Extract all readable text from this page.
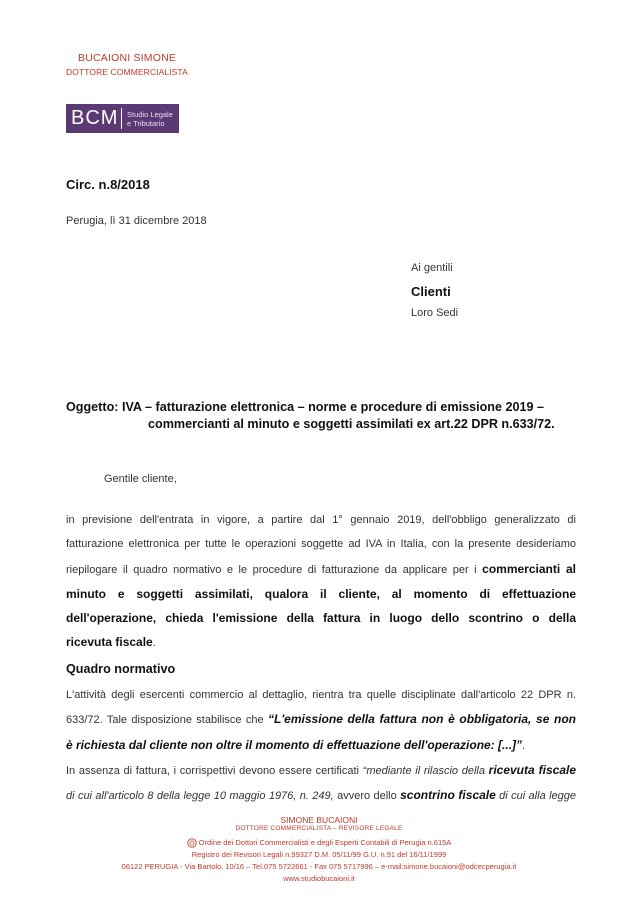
BUCAIONI SIMONE
DOTTORE COMMERCIALISTA
BCM	Studio Legale
e Tributario
Circ. n.8/2018
Perugia, lì 31 dicembre 2018
Ai gentili
Clienti
Loro Sedi
Oggetto: IVA – fatturazione elettronica – norme e procedure di emissione 2019 –
commercianti al minuto e soggetti assimilati ex art.22 DPR n.633/72.
Gentile cliente,
in previsione dell'entrata in vigore, a partire dal 1° gennaio 2019, dell'obbligo generalizzato di
fatturazione elettronica per tutte le operazioni soggette ad IVA in Italia, con la presente desideriamo
riepilogare il quadro normativo e le procedure di fatturazione da applicare per i commercianti al
minuto e soggetti assimilati, qualora il cliente, al momento di effettuazione
dell'operazione, chieda l'emissione della fattura in luogo dello scontrino o della
ricevuta fiscale.
Quadro normativo
L'attività degli esercenti commercio al dettaglio, rientra tra quelle disciplinate dall'articolo 22 DPR n.
633/72. Tale disposizione stabilisce che “L'emissione della fattura non è obbligatoria, se non
è richiesta dal cliente non oltre il momento di effettuazione dell'operazione: [...]”.
In assenza di fattura, i corrispettivi devono essere certificati “mediante il rilascio della ricevuta fiscale
di cui all'articolo 8 della legge 10 maggio 1976, n. 249, avvero dello scontrino fiscale di cui alla legge
SIMONE BUCAIONI
DOTTORE COMMERCIALISTA – REVISORE LEGALE
Ordine dei Dottori Commercialisti e degli Esperti Contabili di Perugia n.615A
Registro dei Revisori Legali n.99327 D.M. 05/11/99 G.U. n.91 del 16/11/1999
06122 PERUGIA - Via Bartolo, 10/16 – Tel.075 5722661 - Fax 075 5717996 – e-mail:simone.bucaioni@odcecperugia.it
www.studiobucaioni.it
